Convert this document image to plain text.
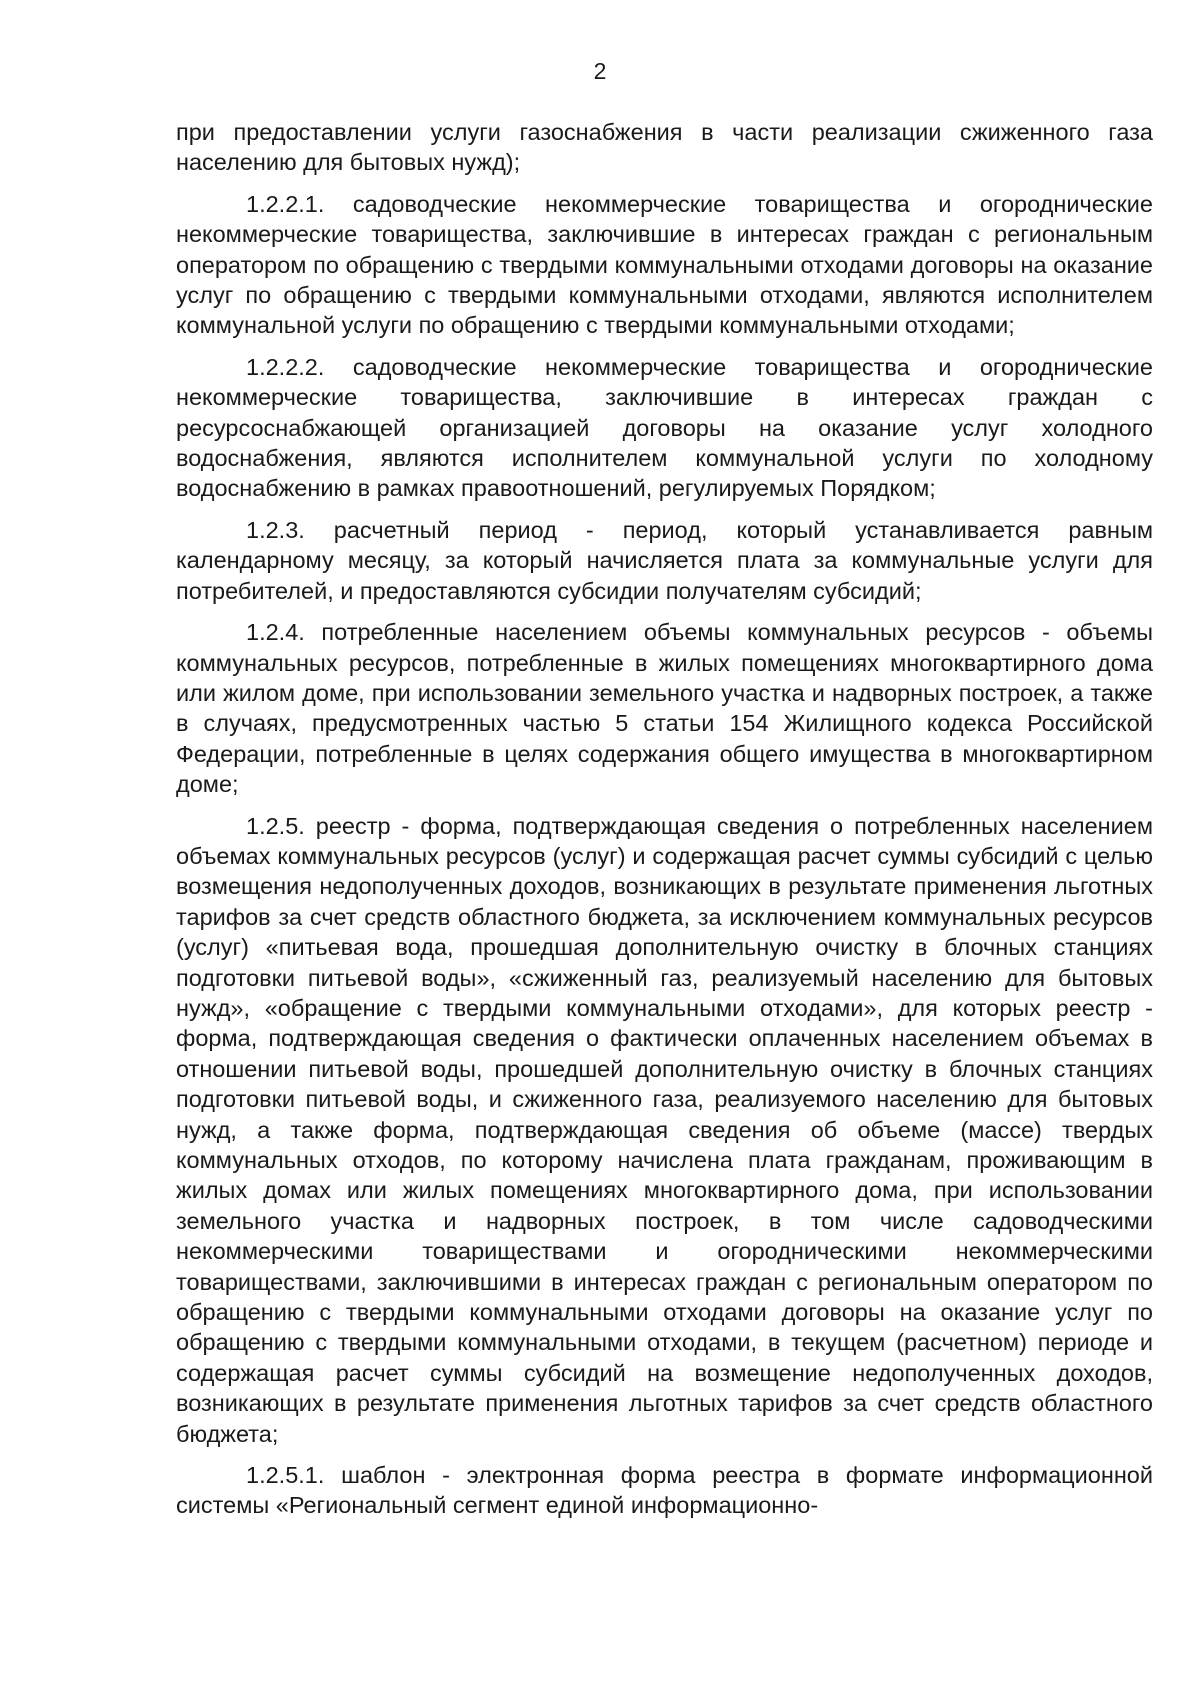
2

при предоставлении услуги газоснабжения в части реализации сжиженного газа населению для бытовых нужд);

1.2.2.1. садоводческие некоммерческие товарищества и огороднические некоммерческие товарищества, заключившие в интересах граждан с региональным оператором по обращению с твердыми коммунальными отходами договоры на оказание услуг по обращению с твердыми коммунальными отходами, являются исполнителем коммунальной услуги по обращению с твердыми коммунальными отходами;

1.2.2.2. садоводческие некоммерческие товарищества и огороднические некоммерческие товарищества, заключившие в интересах граждан с ресурсоснабжающей организацией договоры на оказание услуг холодного водоснабжения, являются исполнителем коммунальной услуги по холодному водоснабжению в рамках правоотношений, регулируемых Порядком;

1.2.3. расчетный период - период, который устанавливается равным календарному месяцу, за который начисляется плата за коммунальные услуги для потребителей, и предоставляются субсидии получателям субсидий;

1.2.4. потребленные населением объемы коммунальных ресурсов - объемы коммунальных ресурсов, потребленные в жилых помещениях многоквартирного дома или жилом доме, при использовании земельного участка и надворных построек, а также в случаях, предусмотренных частью 5 статьи 154 Жилищного кодекса Российской Федерации, потребленные в целях содержания общего имущества в многоквартирном доме;

1.2.5. реестр - форма, подтверждающая сведения о потребленных населением объемах коммунальных ресурсов (услуг) и содержащая расчет суммы субсидий с целью возмещения недополученных доходов, возникающих в результате применения льготных тарифов за счет средств областного бюджета, за исключением коммунальных ресурсов (услуг) «питьевая вода, прошедшая дополнительную очистку в блочных станциях подготовки питьевой воды», «сжиженный газ, реализуемый населению для бытовых нужд», «обращение с твердыми коммунальными отходами», для которых реестр - форма, подтверждающая сведения о фактически оплаченных населением объемах в отношении питьевой воды, прошедшей дополнительную очистку в блочных станциях подготовки питьевой воды, и сжиженного газа, реализуемого населению для бытовых нужд, а также форма, подтверждающая сведения об объеме (массе) твердых коммунальных отходов, по которому начислена плата гражданам, проживающим в жилых домах или жилых помещениях многоквартирного дома, при использовании земельного участка и надворных построек, в том числе садоводческими некоммерческими товариществами и огородническими некоммерческими товариществами, заключившими в интересах граждан с региональным оператором по обращению с твердыми коммунальными отходами договоры на оказание услуг по обращению с твердыми коммунальными отходами, в текущем (расчетном) периоде и содержащая расчет суммы субсидий на возмещение недополученных доходов, возникающих в результате применения льготных тарифов за счет средств областного бюджета;

1.2.5.1. шаблон - электронная форма реестра в формате информационной системы «Региональный сегмент единой информационно-
